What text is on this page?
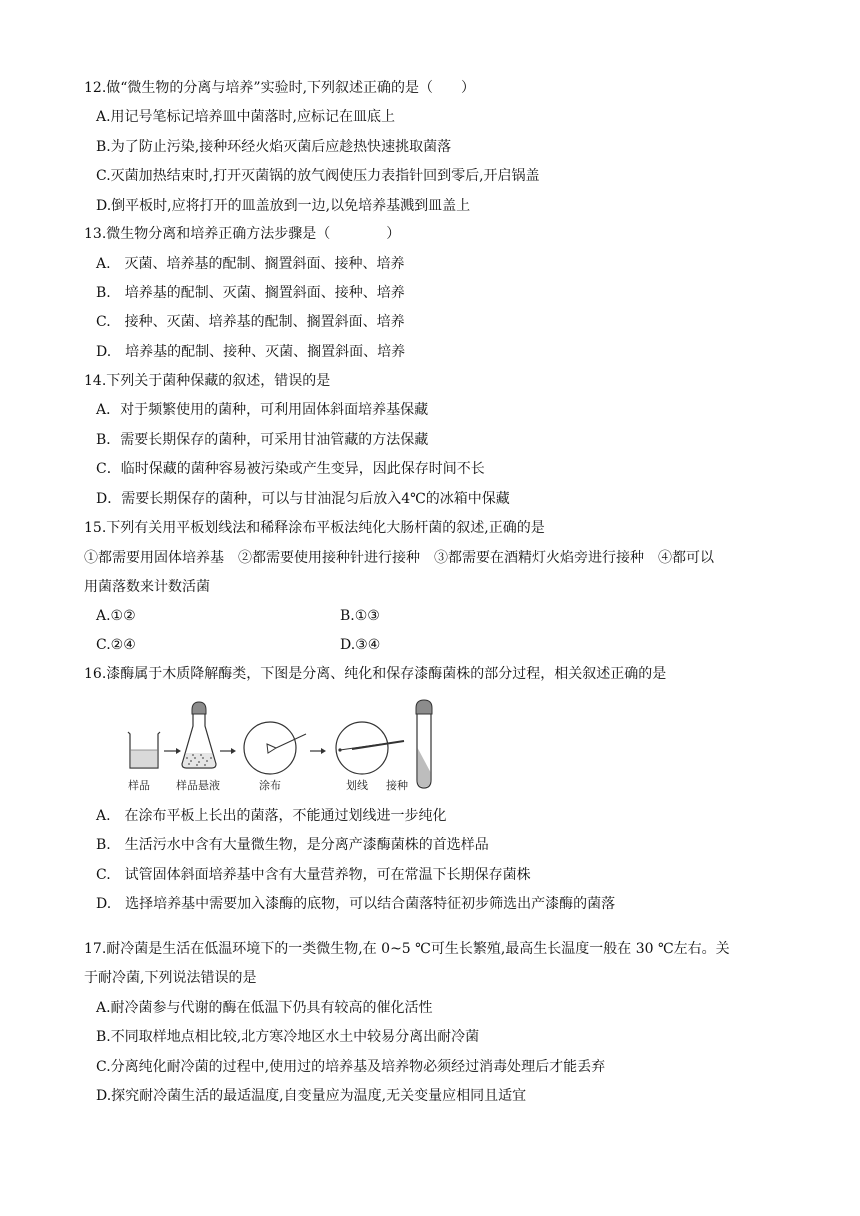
12.做“微生物的分离与培养”实验时,下列叙述正确的是（　　）
A.用记号笔标记培养皿中菌落时,应标记在皿底上
B.为了防止污染,接种环经火焰灭菌后应趁热快速挑取菌落
C.灭菌加热结束时,打开灭菌锅的放气阀使压力表指针回到零后,开启锅盖
D.倒平板时,应将打开的皿盖放到一边,以免培养基溅到皿盖上
13.微生物分离和培养正确方法步骤是（　　　　）
A.　灭菌、培养基的配制、搁置斜面、接种、培养
B.　培养基的配制、灭菌、搁置斜面、接种、培养
C.　接种、灭菌、培养基的配制、搁置斜面、培养
D.　培养基的配制、接种、灭菌、搁置斜面、培养
14.下列关于菌种保藏的叙述，错误的是
A．对于频繁使用的菌种，可利用固体斜面培养基保藏
B．需要长期保存的菌种，可采用甘油管藏的方法保藏
C．临时保藏的菌种容易被污染或产生变异，因此保存时间不长
D．需要长期保存的菌种，可以与甘油混匀后放入4℃的冰箱中保藏
15.下列有关用平板划线法和稀释涂布平板法纯化大肠杆菌的叙述,正确的是
①都需要用固体培养基　②都需要使用接种针进行接种　③都需要在酒精灯火焰旁进行接种　④都可以
用菌落数来计数活菌
A.①②	B.①③
C.②④	D.③④
16.漆酶属于木质降解酶类，下图是分离、纯化和保存漆酶菌株的部分过程，相关叙述正确的是
样品 样品悬液	涂布	划线 接种
A.　在涂布平板上长出的菌落，不能通过划线进一步纯化
B.　生活污水中含有大量微生物，是分离产漆酶菌株的首选样品
C.　试管固体斜面培养基中含有大量营养物，可在常温下长期保存菌株
D.　选择培养基中需要加入漆酶的底物，可以结合菌落特征初步筛选出产漆酶的菌落
17.耐冷菌是生活在低温环境下的一类微生物,在 0~5 ℃可生长繁殖,最高生长温度一般在 30 ℃左右。关
于耐冷菌,下列说法错误的是
A.耐冷菌参与代谢的酶在低温下仍具有较高的催化活性
B.不同取样地点相比较,北方寒冷地区水土中较易分离出耐冷菌
C.分离纯化耐冷菌的过程中,使用过的培养基及培养物必须经过消毒处理后才能丢弃
D.探究耐冷菌生活的最适温度,自变量应为温度,无关变量应相同且适宜
